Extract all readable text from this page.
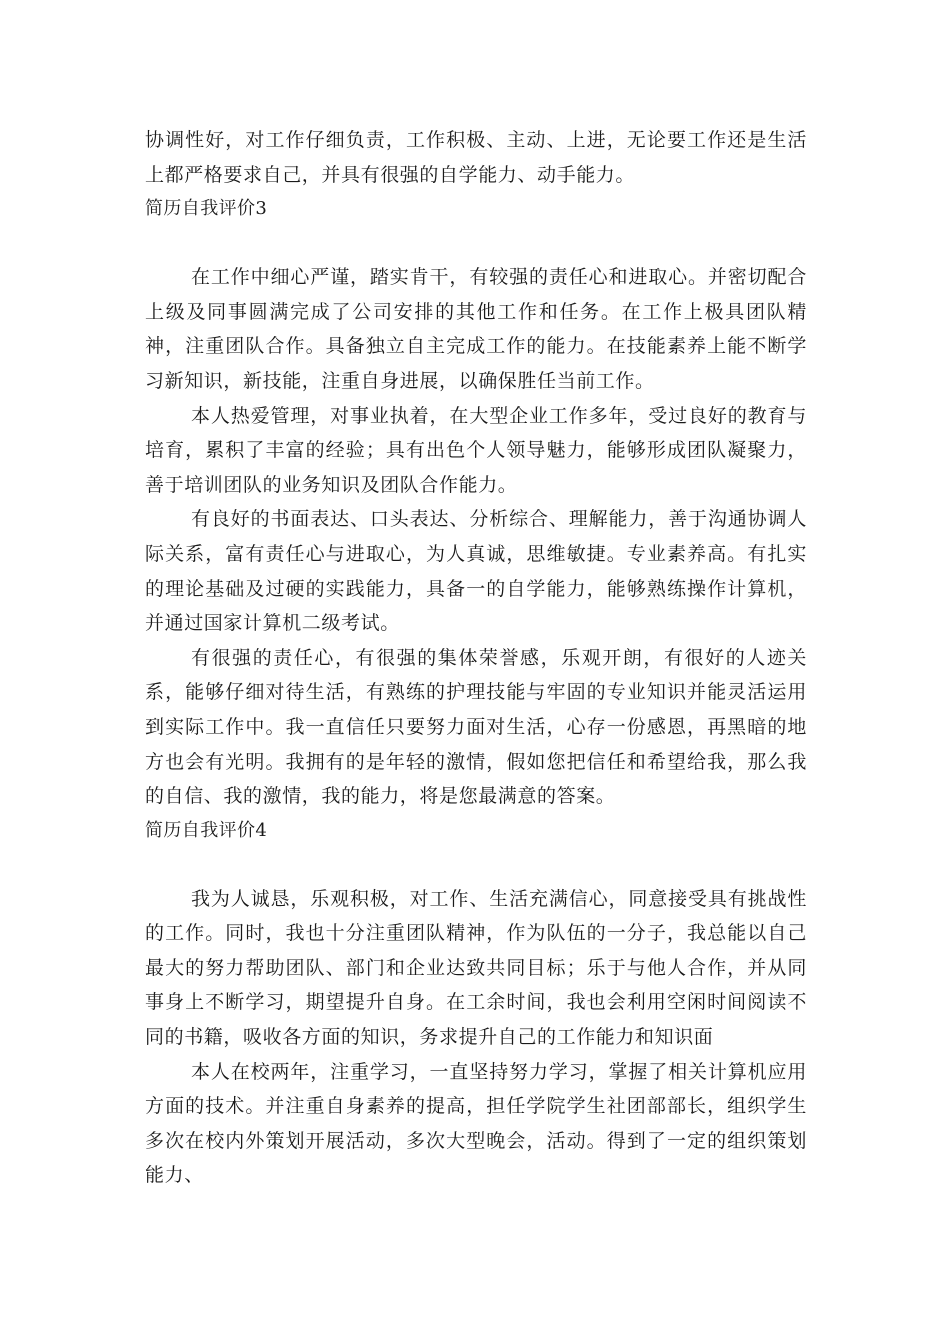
协调性好，对工作仔细负责，工作积极、主动、上进，无论要工作还是生活上都严格要求自己，并具有很强的自学能力、动手能力。

简历自我评价3

在工作中细心严谨，踏实肯干，有较强的责任心和进取心。并密切配合上级及同事圆满完成了公司安排的其他工作和任务。在工作上极具团队精神，注重团队合作。具备独立自主完成工作的能力。在技能素养上能不断学习新知识，新技能，注重自身进展，以确保胜任当前工作。

本人热爱管理，对事业执着，在大型企业工作多年，受过良好的教育与培育，累积了丰富的经验；具有出色个人领导魅力，能够形成团队凝聚力，善于培训团队的业务知识及团队合作能力。

有良好的书面表达、口头表达、分析综合、理解能力，善于沟通协调人际关系，富有责任心与进取心，为人真诚，思维敏捷。专业素养高。有扎实的理论基础及过硬的实践能力，具备一的自学能力，能够熟练操作计算机，并通过国家计算机二级考试。

有很强的责任心，有很强的集体荣誉感，乐观开朗，有很好的人迹关系，能够仔细对待生活，有熟练的护理技能与牢固的专业知识并能灵活运用到实际工作中。我一直信任只要努力面对生活，心存一份感恩，再黑暗的地方也会有光明。我拥有的是年轻的激情，假如您把信任和希望给我，那么我的自信、我的激情，我的能力，将是您最满意的答案。

简历自我评价4

我为人诚恳，乐观积极，对工作、生活充满信心，同意接受具有挑战性的工作。同时，我也十分注重团队精神，作为队伍的一分子，我总能以自己最大的努力帮助团队、部门和企业达致共同目标；乐于与他人合作，并从同事身上不断学习，期望提升自身。在工余时间，我也会利用空闲时间阅读不同的书籍，吸收各方面的知识，务求提升自己的工作能力和知识面

本人在校两年，注重学习，一直坚持努力学习，掌握了相关计算机应用方面的技术。并注重自身素养的提高，担任学院学生社团部部长，组织学生多次在校内外策划开展活动，多次大型晚会，活动。得到了一定的组织策划能力、
